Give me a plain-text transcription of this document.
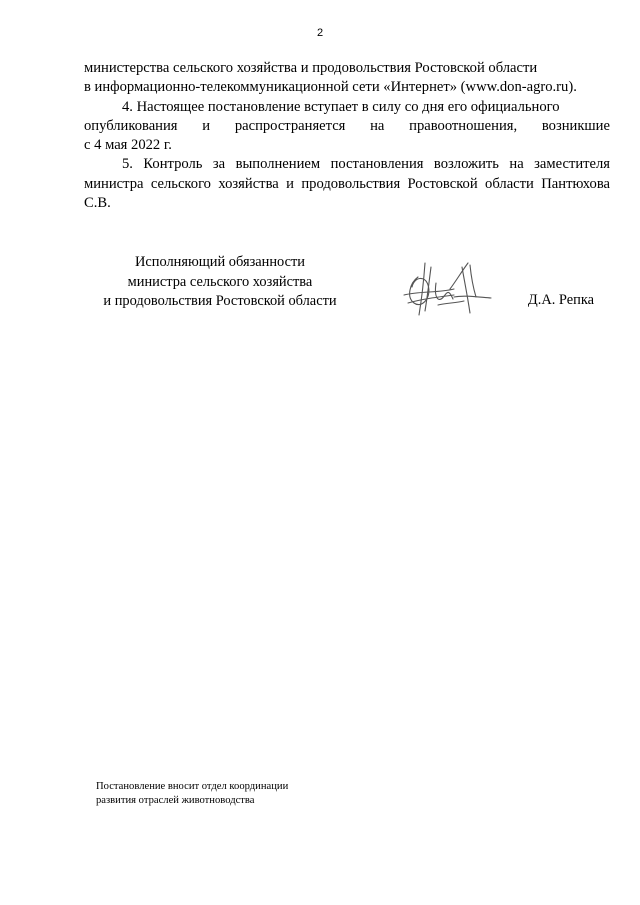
2

министерства сельского хозяйства и продовольствия Ростовской области
в информационно-телекоммуникационной сети «Интернет» (www.don-agro.ru).

4. Настоящее постановление вступает в силу со дня его официального
опубликования и распространяется на правоотношения, возникшие
с 4 мая 2022 г.

5. Контроль за выполнением постановления возложить на заместителя министра сельского хозяйства и продовольствия Ростовской области Пантюхова С.В.

Исполняющий обязанности
министра сельского хозяйства
и продовольствия Ростовской области	Д.А. Репка
Постановление вносит отдел координации
развития отраслей животноводства
